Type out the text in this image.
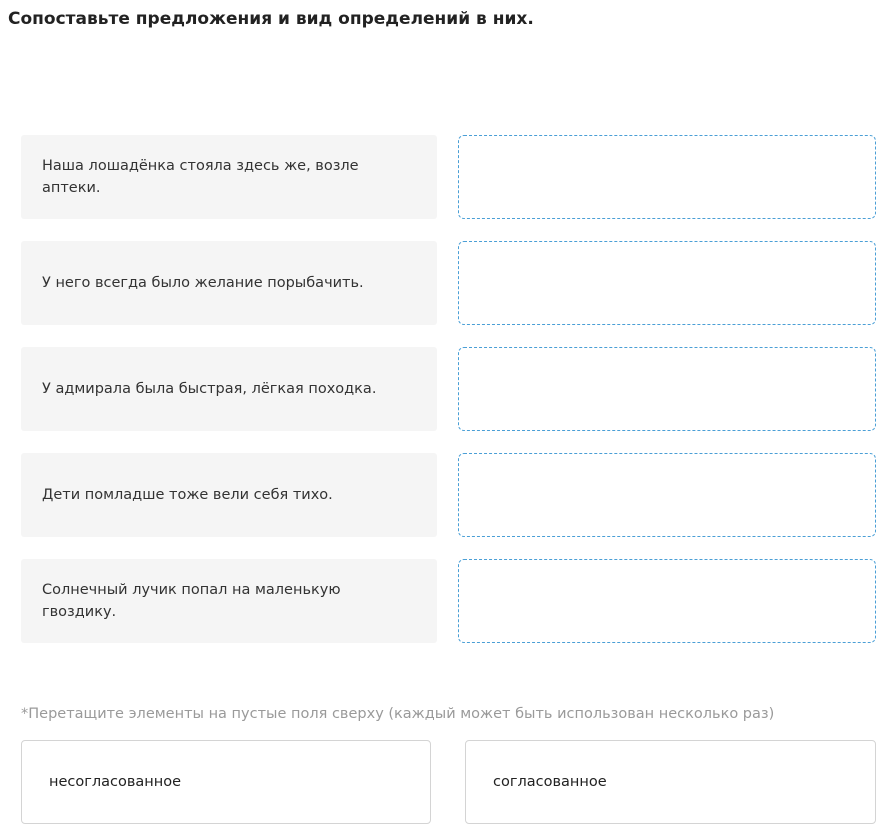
Сопоставьте предложения и вид определений в них.
Наша лошадёнка стояла здесь же, возле аптеки.
У него всегда было желание порыбачить.
У адмирала была быстрая, лёгкая походка.
Дети помладше тоже вели себя тихо.
Солнечный лучик попал на маленькую гвоздику.
*Перетащите элементы на пустые поля сверху (каждый может быть использован несколько раз)
несогласованное	согласованное
